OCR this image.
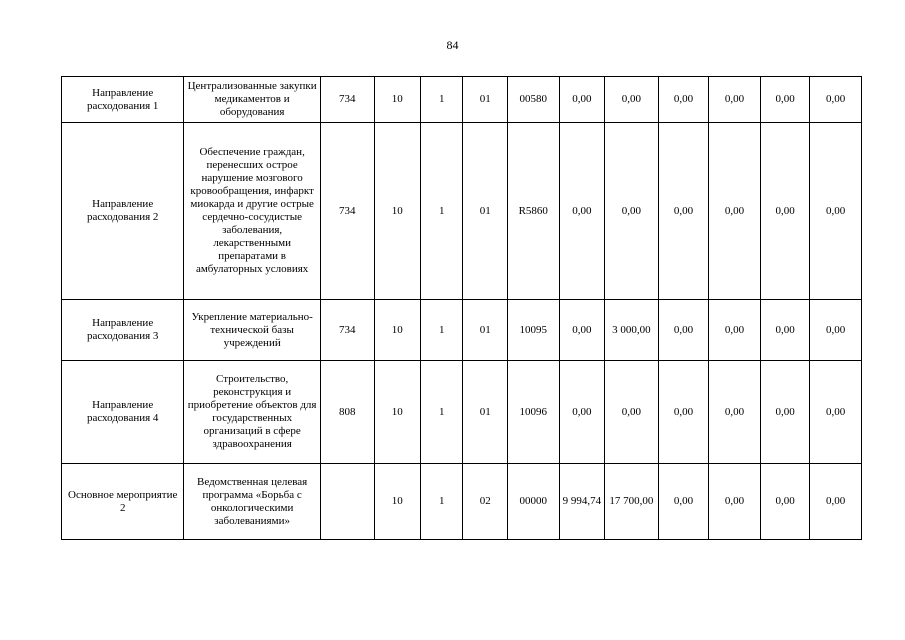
84
Направление расходования 1	Централизованные закупки медикаментов и оборудования	734	10	1	01	00580	0,00	0,00	0,00	0,00	0,00	0,00
Направление расходования 2	Обеспечение граждан, перенесших острое нарушение мозгового кровообращения, инфаркт миокарда и другие острые сердечно-сосудистые заболевания, лекарственными препаратами в амбулаторных условиях	734	10	1	01	R5860	0,00	0,00	0,00	0,00	0,00	0,00
Направление расходования 3	Укрепление материально-технической базы учреждений	734	10	1	01	10095	0,00	3 000,00	0,00	0,00	0,00	0,00
Направление расходования 4	Строительство, реконструкция и приобретение объектов для государственных организаций в сфере здравоохранения	808	10	1	01	10096	0,00	0,00	0,00	0,00	0,00	0,00
Основное мероприятие 2	Ведомственная целевая программа «Борьба с онкологическими заболеваниями»		10	1	02	00000	9 994,74	17 700,00	0,00	0,00	0,00	0,00
